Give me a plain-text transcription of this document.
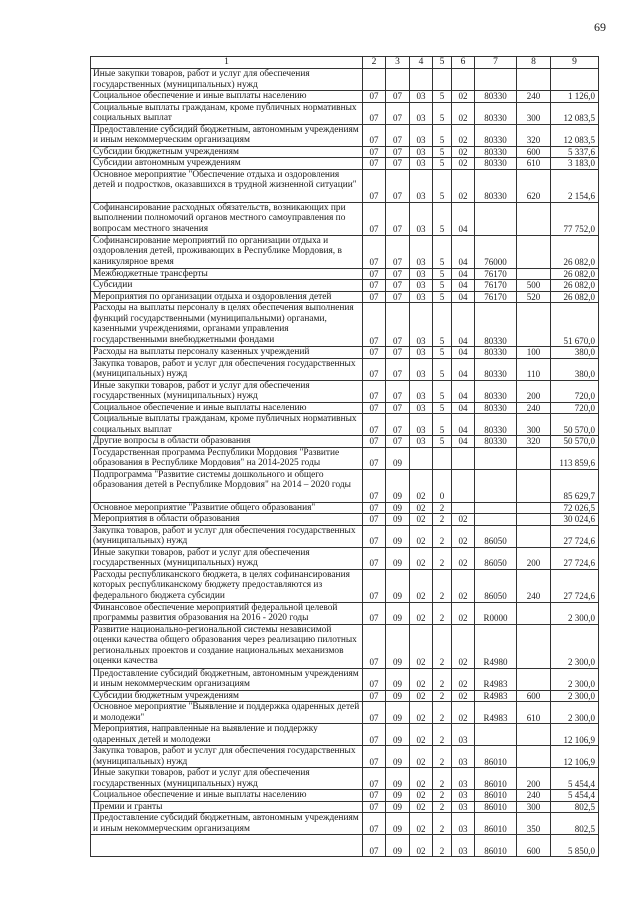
69
1	2	3	4	5	6	7	8	9
Иные закупки товаров, работ и услуг для обеспечения государственных (муниципальных) нужд								
Социальное обеспечение и иные выплаты населению	07	07	03	5	02	80330	240	1 126,0
Социальные выплаты гражданам, кроме публичных нормативных социальных выплат	07	07	03	5	02	80330	300	12 083,5
Предоставление субсидий бюджетным, автономным учреждениям и иным некоммерческим организациям	07	07	03	5	02	80330	320	12 083,5
Субсидии бюджетным учреждениям	07	07	03	5	02	80330	600	5 337,6
Субсидии автономным учреждениям	07	07	03	5	02	80330	610	3 183,0
Основное мероприятие "Обеспечение отдыха и оздоровления детей и подростков, оказавшихся в трудной жизненной ситуации"	07	07	03	5	02	80330	620	2 154,6
Софинансирование расходных обязательств, возникающих при выполнении полномочий органов местного самоуправления по вопросам местного значения	07	07	03	5	04			77 752,0
Софинансирование мероприятий по организации отдыха и оздоровления детей, проживающих в Республике Мордовия, в каникулярное время	07	07	03	5	04	76000		26 082,0
Межбюджетные трансферты	07	07	03	5	04	76170		26 082,0
Субсидии	07	07	03	5	04	76170	500	26 082,0
Мероприятия по организации отдыха и оздоровления детей	07	07	03	5	04	76170	520	26 082,0
Расходы на выплаты персоналу в целях обеспечения выполнения функций государственными (муниципальными) органами, казенными учреждениями, органами управления государственными внебюджетными фондами	07	07	03	5	04	80330		51 670,0
Расходы на выплаты персоналу казенных учреждений	07	07	03	5	04	80330	100	380,0
Закупка товаров, работ и услуг для обеспечения государственных (муниципальных) нужд	07	07	03	5	04	80330	110	380,0
Иные закупки товаров, работ и услуг для обеспечения государственных (муниципальных) нужд	07	07	03	5	04	80330	200	720,0
Социальное обеспечение и иные выплаты населению	07	07	03	5	04	80330	240	720,0
Социальные выплаты гражданам, кроме публичных нормативных социальных выплат	07	07	03	5	04	80330	300	50 570,0
Другие вопросы в области образования	07	07	03	5	04	80330	320	50 570,0
Государственная программа Республики Мордовия "Развитие образования в Республике Мордовия" на 2014-2025 годы	07	09						113 859,6
Подпрограмма "Развитие системы дошкольного и общего образования детей в Республике Мордовия" на 2014 – 2020 годы	07	09	02	0				85 629,7
Основное мероприятие "Развитие общего образования"	07	09	02	2				72 026,5
Мероприятия в области образования	07	09	02	2	02			30 024,6
Закупка товаров, работ и услуг для обеспечения государственных (муниципальных) нужд	07	09	02	2	02	86050		27 724,6
Иные закупки товаров, работ и услуг для обеспечения государственных (муниципальных) нужд	07	09	02	2	02	86050	200	27 724,6
Расходы республиканского бюджета, в целях софинансирования которых республиканскому бюджету предоставляются из федерального бюджета субсидии	07	09	02	2	02	86050	240	27 724,6
Финансовое обеспечение мероприятий федеральной целевой программы развития образования на 2016 - 2020 годы	07	09	02	2	02	R0000		2 300,0
Развитие национально-региональной системы независимой оценки качества общего образования через реализацию пилотных региональных проектов и создание национальных механизмов оценки качества	07	09	02	2	02	R4980		2 300,0
Предоставление субсидий бюджетным, автономным учреждениям и иным некоммерческим организациям	07	09	02	2	02	R4983		2 300,0
Субсидии бюджетным учреждениям	07	09	02	2	02	R4983	600	2 300,0
Основное мероприятие "Выявление и поддержка одаренных детей и молодежи"	07	09	02	2	02	R4983	610	2 300,0
Мероприятия, направленные на выявление и поддержку одаренных детей и молодежи	07	09	02	2	03			12 106,9
Закупка товаров, работ и услуг для обеспечения государственных (муниципальных) нужд	07	09	02	2	03	86010		12 106,9
Иные закупки товаров, работ и услуг для обеспечения государственных (муниципальных) нужд	07	09	02	2	03	86010	200	5 454,4
Социальное обеспечение и иные выплаты населению	07	09	02	2	03	86010	240	5 454,4
Премии и гранты	07	09	02	2	03	86010	300	802,5
Предоставление субсидий бюджетным, автономным учреждениям и иным некоммерческим организациям	07	09	02	2	03	86010	350	802,5
	07	09	02	2	03	86010	600	5 850,0
